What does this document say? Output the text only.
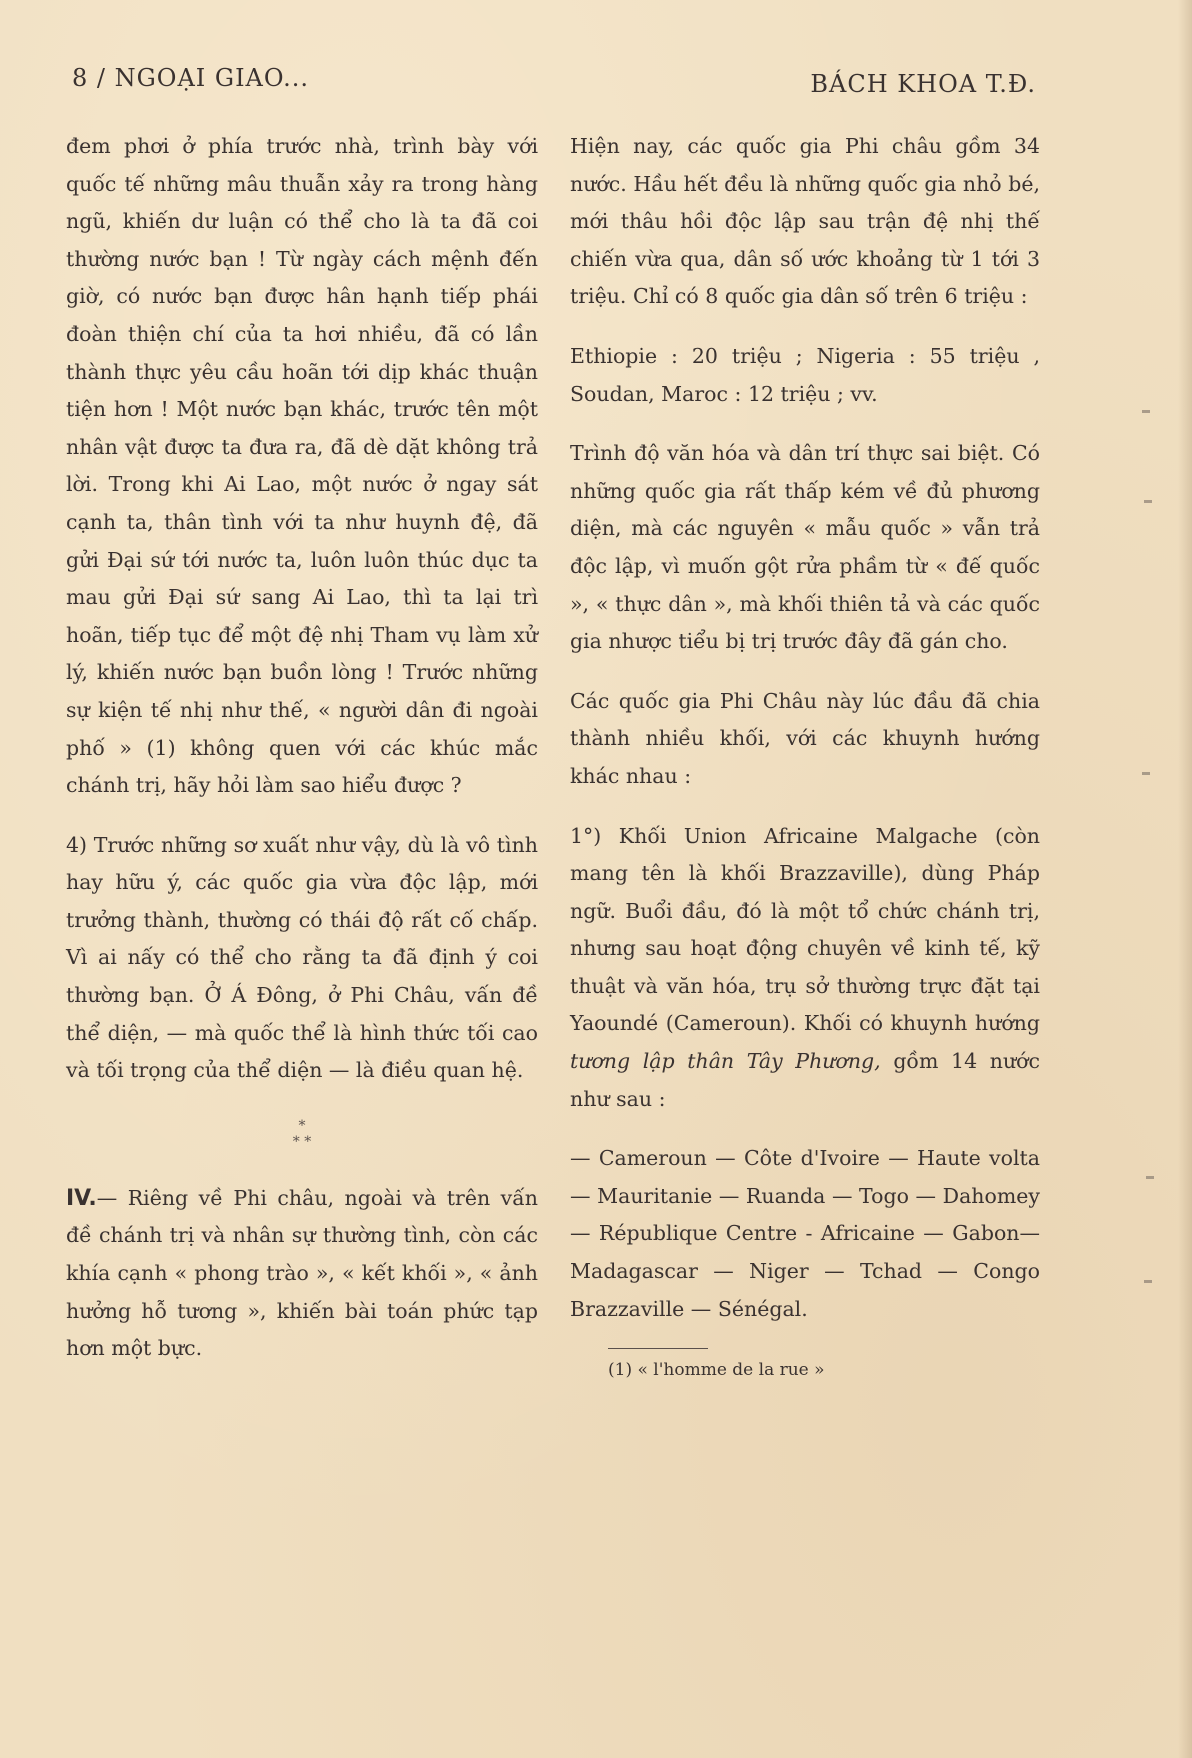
8 / NGOẠI GIAO...	BÁCH KHOA T.Đ.

đem phơi ở phía trước nhà, trình bày với quốc tế những mâu thuẫn xảy ra trong hàng ngũ, khiến dư luận có thể cho là ta đã coi thường nước bạn ! Từ ngày cách mệnh đến giờ, có nước bạn được hân hạnh tiếp phái đoàn thiện chí của ta hơi nhiều, đã có lần thành thực yêu cầu hoãn tới dịp khác thuận tiện hơn ! Một nước bạn khác, trước tên một nhân vật được ta đưa ra, đã dè dặt không trả lời. Trong khi Ai Lao, một nước ở ngay sát cạnh ta, thân tình với ta như huynh đệ, đã gửi Đại sứ tới nước ta, luôn luôn thúc dục ta mau gửi Đại sứ sang Ai Lao, thì ta lại trì hoãn, tiếp tục để một đệ nhị Tham vụ làm xử lý, khiến nước bạn buồn lòng ! Trước những sự kiện tế nhị như thế, « người dân đi ngoài phố » (1) không quen với các khúc mắc chánh trị, hãy hỏi làm sao hiểu được ?

4) Trước những sơ xuất như vậy, dù là vô tình hay hữu ý, các quốc gia vừa độc lập, mới trưởng thành, thường có thái độ rất cố chấp. Vì ai nấy có thể cho rằng ta đã định ý coi thường bạn. Ở Á Đông, ở Phi Châu, vấn đề thể diện, — mà quốc thể là hình thức tối cao và tối trọng của thể diện — là điều quan hệ.

*
* *

IV.— Riêng về Phi châu, ngoài và trên vấn đề chánh trị và nhân sự thường tình, còn các khía cạnh « phong trào », « kết khối », « ảnh hưởng hỗ tương », khiến bài toán phức tạp hơn một bực.

Hiện nay, các quốc gia Phi châu gồm 34 nước. Hầu hết đều là những quốc gia nhỏ bé, mới thâu hồi độc lập sau trận đệ nhị thế chiến vừa qua, dân số ước khoảng từ 1 tới 3 triệu. Chỉ có 8 quốc gia dân số trên 6 triệu :

Ethiopie : 20 triệu ; Nigeria : 55 triệu , Soudan, Maroc : 12 triệu ; vv.

Trình độ văn hóa và dân trí thực sai biệt. Có những quốc gia rất thấp kém về đủ phương diện, mà các nguyên « mẫu quốc » vẫn trả độc lập, vì muốn gột rửa phầm từ « đế quốc », « thực dân », mà khối thiên tả và các quốc gia nhược tiểu bị trị trước đây đã gán cho.

Các quốc gia Phi Châu này lúc đầu đã chia thành nhiều khối, với các khuynh hướng khác nhau :

1°) Khối Union Africaine Malgache (còn mang tên là khối Brazzaville), dùng Pháp ngữ. Buổi đầu, đó là một tổ chức chánh trị, nhưng sau hoạt động chuyên về kinh tế, kỹ thuật và văn hóa, trụ sở thường trực đặt tại Yaoundé (Cameroun). Khối có khuynh hướng tương lập thân Tây Phương, gồm 14 nước như sau :

— Cameroun — Côte d'Ivoire — Haute volta — Mauritanie — Ruanda — Togo — Dahomey — République Centre - Africaine — Gabon— Madagascar — Niger — Tchad — Congo Brazzaville — Sénégal.

(1) « l'homme de la rue »
